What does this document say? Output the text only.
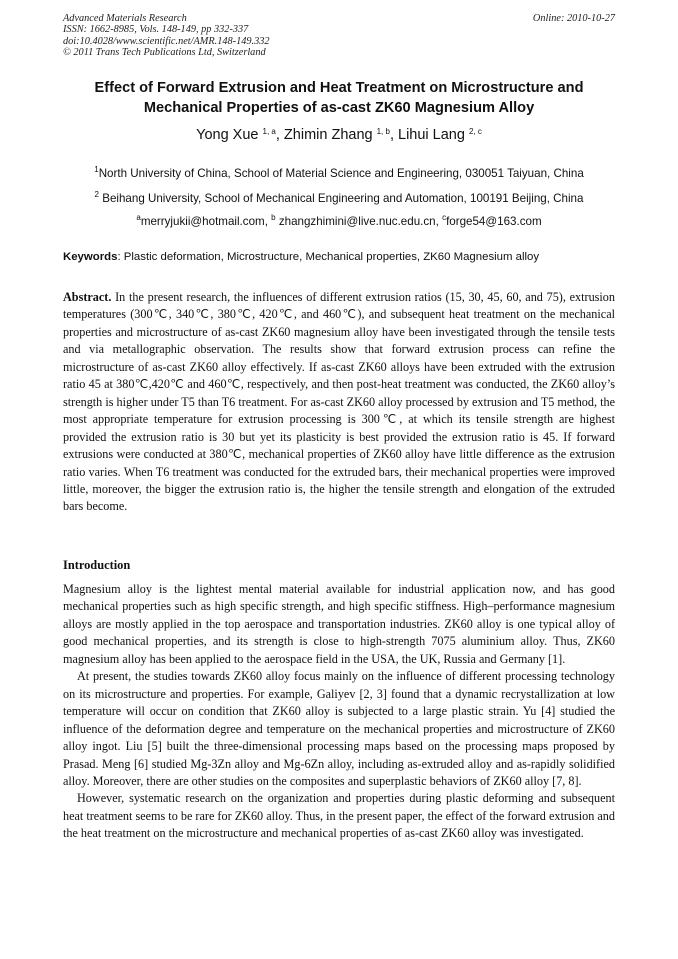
Advanced Materials Research
ISSN: 1662-8985, Vols. 148-149, pp 332-337
doi:10.4028/www.scientific.net/AMR.148-149.332
© 2011 Trans Tech Publications Ltd, Switzerland
Online: 2010-10-27
Effect of Forward Extrusion and Heat Treatment on Microstructure and
Mechanical Properties of as-cast ZK60 Magnesium Alloy
Yong Xue $^{1, a}$, Zhimin Zhang $^{1, b}$, Lihui Lang $^{2, c}$
$^1$North University of China, School of Material Science and Engineering, 030051 Taiyuan, China
$^2$ Beihang University, School of Mechanical Engineering and Automation, 100191 Beijing, China
$^a$merryjukii@hotmail.com, $^b$ zhangzhimini@live.nuc.edu.cn, $^c$forge54@163.com
Keywords: Plastic deformation, Microstructure, Mechanical properties, ZK60 Magnesium alloy

Abstract. In the present research, the influences of different extrusion ratios (15, 30, 45, 60, and 75), extrusion temperatures (300℃, 340℃, 380℃, 420℃, and 460℃), and subsequent heat treatment on the mechanical properties and microstructure of as-cast ZK60 magnesium alloy have been investigated through the tensile tests and via metallographic observation. The results show that forward extrusion process can refine the microstructure of as-cast ZK60 alloy effectively. If as-cast ZK60 alloys have been extruded with the extrusion ratio 45 at 380℃,420℃ and 460℃, respectively, and then post-heat treatment was conducted, the ZK60 alloy’s strength is higher under T5 than T6 treatment. For as-cast ZK60 alloy processed by extrusion and T5 method, the most appropriate temperature for extrusion processing is 300℃, at which its tensile strength are highest provided the extrusion ratio is 30 but yet its plasticity is best provided the extrusion ratio is 45. If forward extrusions were conducted at 380℃, mechanical properties of ZK60 alloy have little difference as the extrusion ratio varies. When T6 treatment was conducted for the extruded bars, their mechanical properties were improved little, moreover, the bigger the extrusion ratio is, the higher the tensile strength and elongation of the extruded bars become.

Introduction

Magnesium alloy is the lightest mental material available for industrial application now, and has good mechanical properties such as high specific strength, and high specific stiffness. High–performance magnesium alloys are mostly applied in the top aerospace and transportation industries. ZK60 alloy is one typical alloy of good mechanical properties, and its strength is close to high-strength 7075 aluminium alloy. Thus, ZK60 magnesium alloy has been applied to the aerospace field in the USA, the UK, Russia and Germany [1].

At present, the studies towards ZK60 alloy focus mainly on the influence of different processing technology on its microstructure and properties. For example, Galiyev [2, 3] found that a dynamic recrystallization at low temperature will occur on condition that ZK60 alloy is subjected to a large plastic strain. Yu [4] studied the influence of the deformation degree and temperature on the mechanical properties and microstructure of ZK60 alloy ingot. Liu [5] built the three-dimensional processing maps based on the processing maps proposed by Prasad. Meng [6] studied Mg-3Zn alloy and Mg-6Zn alloy, including as-extruded alloy and as-rapidly solidified alloy. Moreover, there are other studies on the composites and superplastic behaviors of ZK60 alloy [7, 8].

However, systematic research on the organization and properties during plastic deforming and subsequent heat treatment seems to be rare for ZK60 alloy. Thus, in the present paper, the effect of the forward extrusion and the heat treatment on the microstructure and mechanical properties of as-cast ZK60 alloy was investigated.
